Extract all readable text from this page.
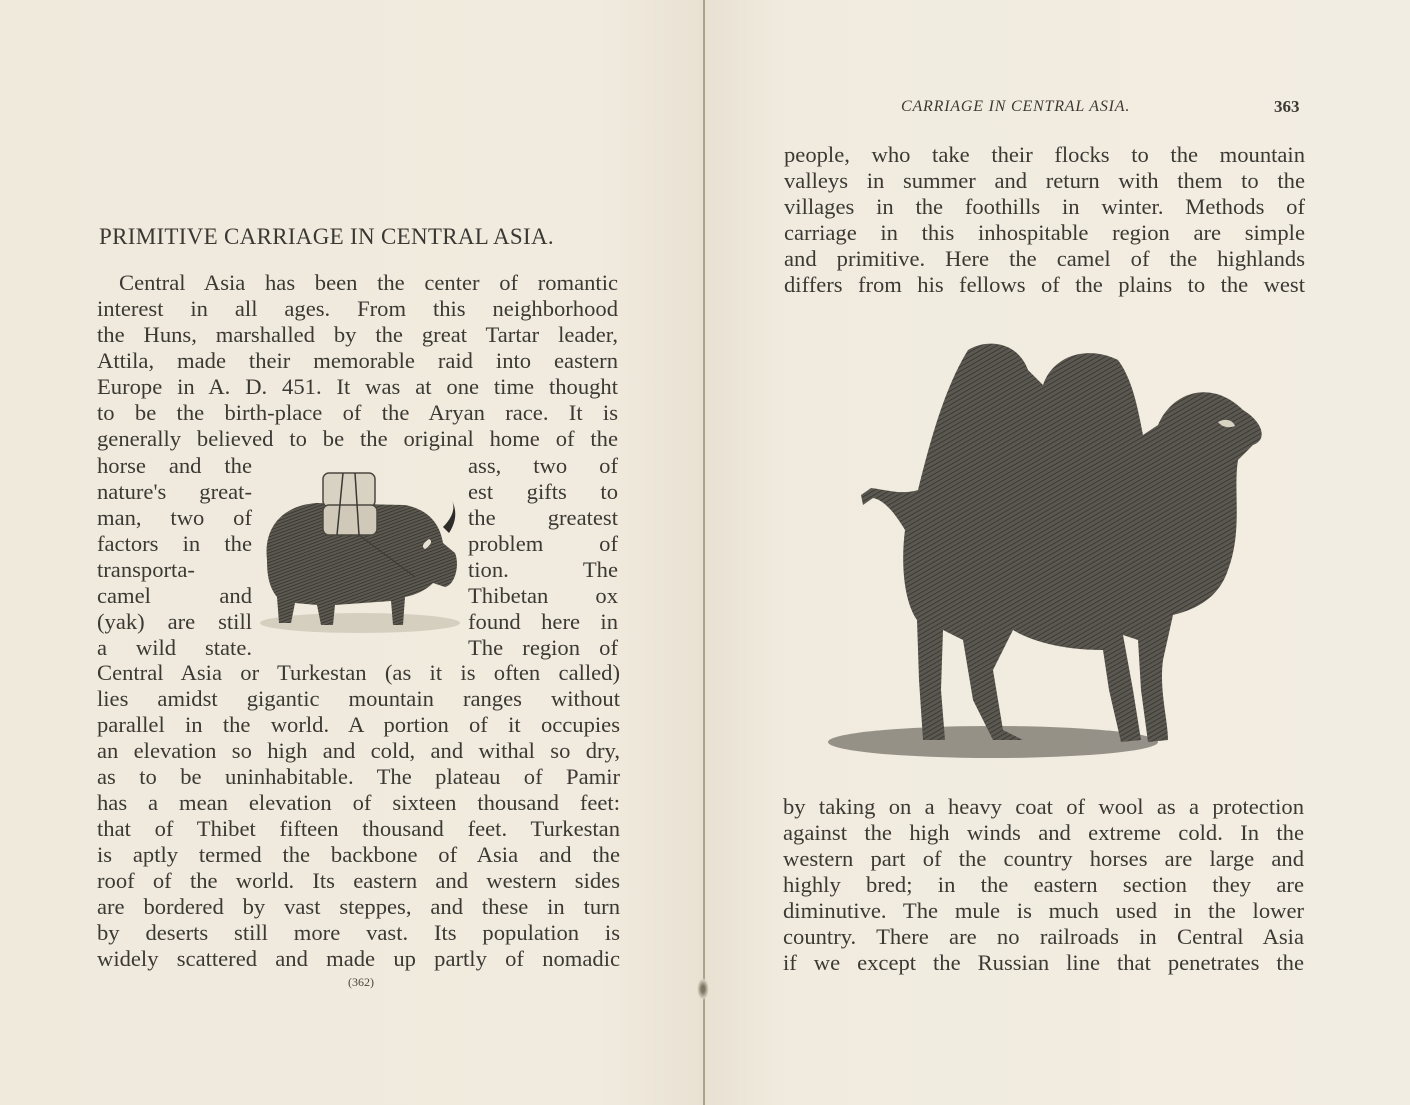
PRIMITIVE CARRIAGE IN CENTRAL ASIA.
Central Asia has been the center of romantic
interest in all ages. From this neighborhood
the Huns, marshalled by the great Tartar leader,
Attila, made their memorable raid into eastern
Europe in A. D. 451. It was at one time thought
to be the birth-place of the Aryan race. It is
generally believed to be the original home of the
horse and the
nature's great-
man, two of
factors in the
transporta-
camel and
(yak) are still
a wild state.
ass, two of
est gifts to
the greatest
problem of
tion. The
Thibetan ox
found here in
The region of
Central Asia or Turkestan (as it is often called)
lies amidst gigantic mountain ranges without
parallel in the world. A portion of it occupies
an elevation so high and cold, and withal so dry,
as to be uninhabitable. The plateau of Pamir
has a mean elevation of sixteen thousand feet:
that of Thibet fifteen thousand feet. Turkestan
is aptly termed the backbone of Asia and the
roof of the world. Its eastern and western sides
are bordered by vast steppes, and these in turn
by deserts still more vast. Its population is
widely scattered and made up partly of nomadic
(362)
CARRIAGE IN CENTRAL ASIA.	363
people, who take their flocks to the mountain
valleys in summer and return with them to the
villages in the foothills in winter. Methods of
carriage in this inhospitable region are simple
and primitive. Here the camel of the highlands
differs from his fellows of the plains to the west
by taking on a heavy coat of wool as a protection
against the high winds and extreme cold. In the
western part of the country horses are large and
highly bred; in the eastern section they are
diminutive. The mule is much used in the lower
country. There are no railroads in Central Asia
if we except the Russian line that penetrates the
